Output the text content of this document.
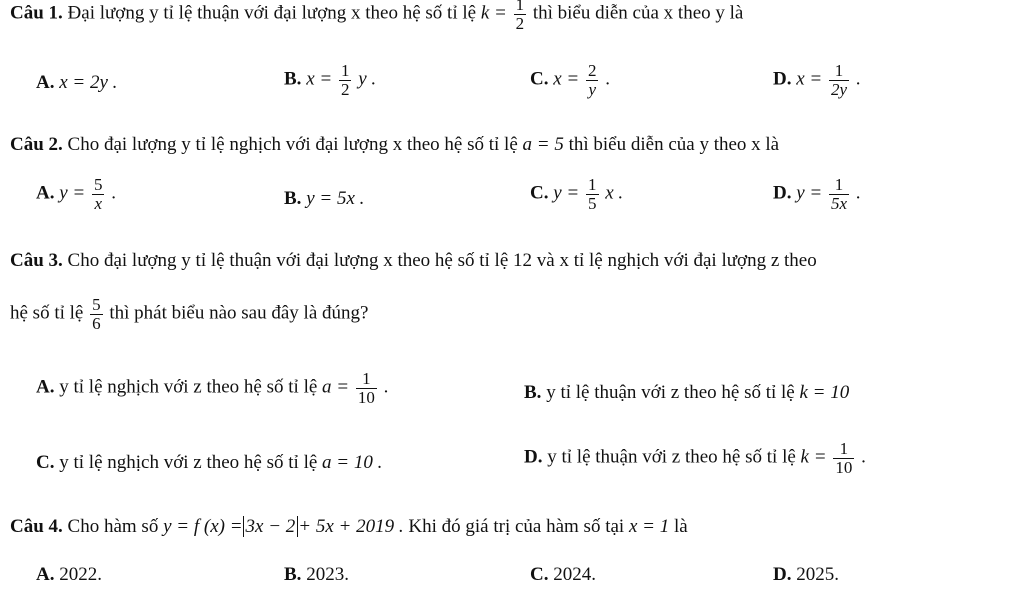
Câu 1. Đại lượng y tỉ lệ thuận với đại lượng x theo hệ số tỉ lệ $k = \frac{1}{2}$ thì biểu diễn của x theo y là
A. x = 2y .	B. $x = \frac{1}{2}$ y .	C. $x = \frac{2}{y}$ .	D. $x = \frac{1}{2y}$ .
Câu 2. Cho đại lượng y tỉ lệ nghịch với đại lượng x theo hệ số tỉ lệ a = 5 thì biểu diễn của y theo x là
A. $y = \frac{5}{x}$ .	B. y = 5x .	C. $y = \frac{1}{5}$ x .	D. $y = \frac{1}{5x}$ .
Câu 3. Cho đại lượng y tỉ lệ thuận với đại lượng x theo hệ số tỉ lệ 12 và x tỉ lệ nghịch với đại lượng z theo
hệ số tỉ lệ $\frac{5}{6}$ thì phát biểu nào sau đây là đúng?
A. y tỉ lệ nghịch với z theo hệ số tỉ lệ $a = \frac{1}{10}$ .	B. y tỉ lệ thuận với z theo hệ số tỉ lệ k = 10
C. y tỉ lệ nghịch với z theo hệ số tỉ lệ a = 10 .	D. y tỉ lệ thuận với z theo hệ số tỉ lệ $k = \frac{1}{10}$ .
Câu 4. Cho hàm số y = f (x) = 3x − 2 + 5x + 2019 . Khi đó giá trị của hàm số tại x = 1 là
A. 2022.	B. 2023.	C. 2024.	D. 2025.
